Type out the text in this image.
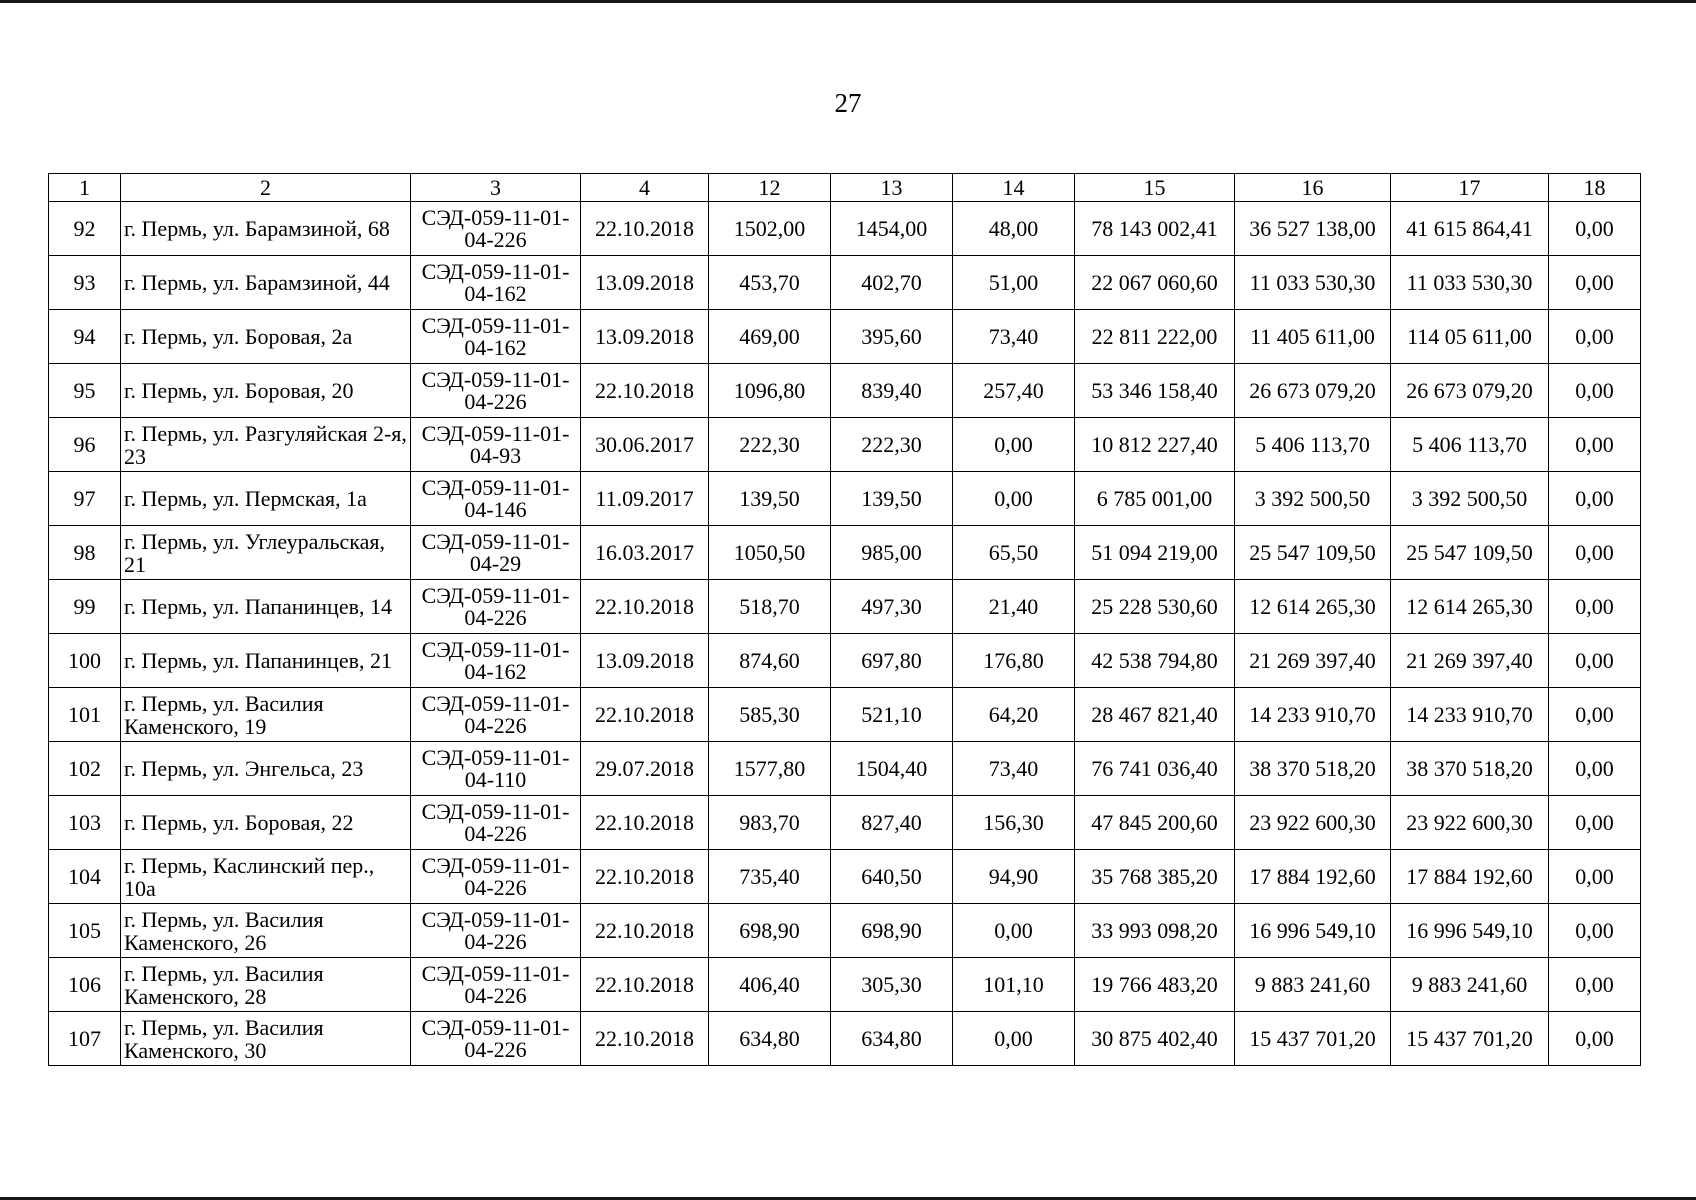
27
1	2	3	4	12	13	14	15	16	17	18
92	г. Пермь, ул. Барамзиной, 68	СЭД-059-11-01-04-226	22.10.2018	1502,00	1454,00	48,00	78 143 002,41	36 527 138,00	41 615 864,41	0,00
93	г. Пермь, ул. Барамзиной, 44	СЭД-059-11-01-04-162	13.09.2018	453,70	402,70	51,00	22 067 060,60	11 033 530,30	11 033 530,30	0,00
94	г. Пермь, ул. Боровая, 2а	СЭД-059-11-01-04-162	13.09.2018	469,00	395,60	73,40	22 811 222,00	11 405 611,00	114 05 611,00	0,00
95	г. Пермь, ул. Боровая, 20	СЭД-059-11-01-04-226	22.10.2018	1096,80	839,40	257,40	53 346 158,40	26 673 079,20	26 673 079,20	0,00
96	г. Пермь, ул. Разгуляйская 2-я, 23	СЭД-059-11-01-04-93	30.06.2017	222,30	222,30	0,00	10 812 227,40	5 406 113,70	5 406 113,70	0,00
97	г. Пермь, ул. Пермская, 1а	СЭД-059-11-01-04-146	11.09.2017	139,50	139,50	0,00	6 785 001,00	3 392 500,50	3 392 500,50	0,00
98	г. Пермь, ул. Углеуральская, 21	СЭД-059-11-01-04-29	16.03.2017	1050,50	985,00	65,50	51 094 219,00	25 547 109,50	25 547 109,50	0,00
99	г. Пермь, ул. Папанинцев, 14	СЭД-059-11-01-04-226	22.10.2018	518,70	497,30	21,40	25 228 530,60	12 614 265,30	12 614 265,30	0,00
100	г. Пермь, ул. Папанинцев, 21	СЭД-059-11-01-04-162	13.09.2018	874,60	697,80	176,80	42 538 794,80	21 269 397,40	21 269 397,40	0,00
101	г. Пермь, ул. Василия Каменского, 19	СЭД-059-11-01-04-226	22.10.2018	585,30	521,10	64,20	28 467 821,40	14 233 910,70	14 233 910,70	0,00
102	г. Пермь, ул. Энгельса, 23	СЭД-059-11-01-04-110	29.07.2018	1577,80	1504,40	73,40	76 741 036,40	38 370 518,20	38 370 518,20	0,00
103	г. Пермь, ул. Боровая, 22	СЭД-059-11-01-04-226	22.10.2018	983,70	827,40	156,30	47 845 200,60	23 922 600,30	23 922 600,30	0,00
104	г. Пермь, Каслинский пер., 10а	СЭД-059-11-01-04-226	22.10.2018	735,40	640,50	94,90	35 768 385,20	17 884 192,60	17 884 192,60	0,00
105	г. Пермь, ул. Василия Каменского, 26	СЭД-059-11-01-04-226	22.10.2018	698,90	698,90	0,00	33 993 098,20	16 996 549,10	16 996 549,10	0,00
106	г. Пермь, ул. Василия Каменского, 28	СЭД-059-11-01-04-226	22.10.2018	406,40	305,30	101,10	19 766 483,20	9 883 241,60	9 883 241,60	0,00
107	г. Пермь, ул. Василия Каменского, 30	СЭД-059-11-01-04-226	22.10.2018	634,80	634,80	0,00	30 875 402,40	15 437 701,20	15 437 701,20	0,00
